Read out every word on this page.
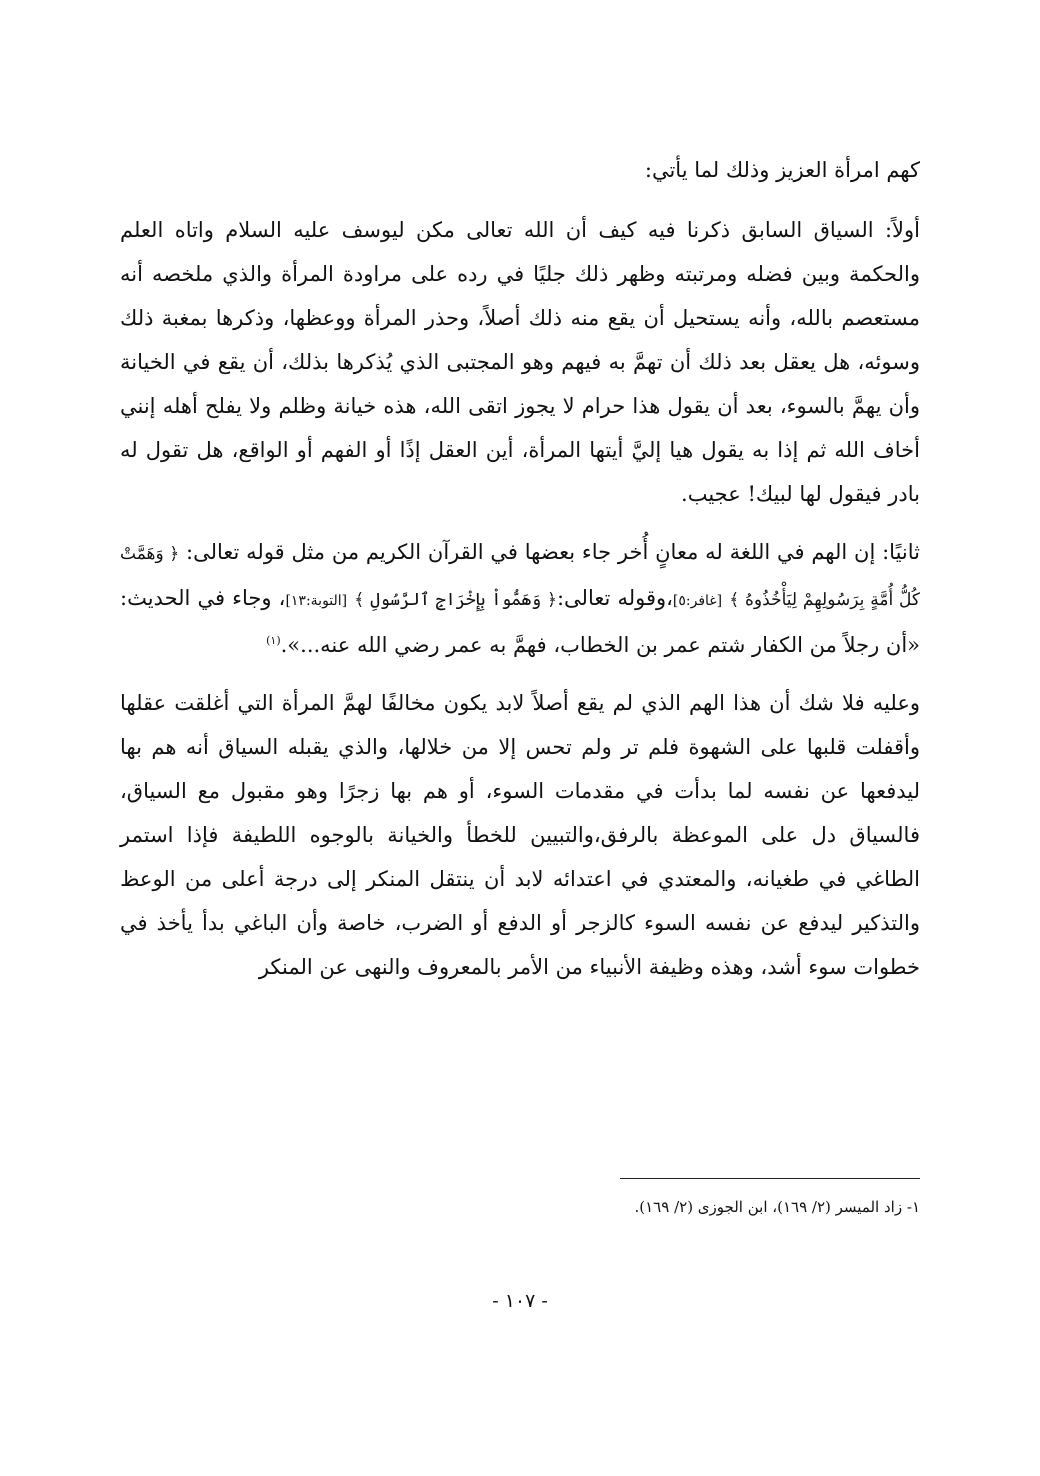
كهم امرأة العزيز وذلك لما يأتي:

أولاً: السياق السابق ذكرنا فيه كيف أن الله تعالى مكن ليوسف عليه السلام واتاه العلم والحكمة وبين فضله ومرتبته وظهر ذلك جليًا في رده على مراودة المرأة والذي ملخصه أنه مستعصم بالله، وأنه يستحيل أن يقع منه ذلك أصلاً، وحذر المرأة ووعظها، وذكرها بمغبة ذلك وسوئه، هل يعقل بعد ذلك أن تهمَّ به فيهم وهو المجتبى الذي يُذكرها بذلك، أن يقع في الخيانة وأن يهمَّ بالسوء، بعد أن يقول هذا حرام لا يجوز اتقى الله، هذه خيانة وظلم ولا يفلح أهله إنني أخاف الله ثم إذا به يقول هيا إليَّ أيتها المرأة، أين العقل إذًا أو الفهم أو الواقع، هل تقول له بادر فيقول لها لبيك! عجيب.

ثانيًا: إن الهم في اللغة له معانٍ أُخر جاء بعضها في القرآن الكريم من مثل قوله تعالى: ﴿ وَهَمَّتْ كُلُّ أُمَّةٍ بِرَسُولِهِمْ لِيَأْخُذُوهُ ﴾ [غافر:٥]،وقوله تعالى:﴿ وَهَمُّواْ بِإِخْرَاجِ ٱلرَّسُولِ ﴾ [التوبة:١٣]، وجاء في الحديث: «أن رجلاً من الكفار شتم عمر بن الخطاب، فهمَّ به عمر رضي الله عنه...».$^{(١)}$

وعليه فلا شك أن هذا الهم الذي لم يقع أصلاً لابد يكون مخالفًا لهمَّ المرأة التي أغلقت عقلها وأقفلت قلبها على الشهوة فلم تر ولم تحس إلا من خلالها، والذي يقبله السياق أنه هم بها ليدفعها عن نفسه لما بدأت في مقدمات السوء، أو هم بها زجرًا وهو مقبول مع السياق، فالسياق دل على الموعظة بالرفق،والتبيين للخطأ والخيانة بالوجوه اللطيفة فإذا استمر الطاغي في طغيانه، والمعتدي في اعتدائه لابد أن ينتقل المنكر إلى درجة أعلى من الوعظ والتذكير ليدفع عن نفسه السوء كالزجر أو الدفع أو الضرب، خاصة وأن الباغي بدأ يأخذ في خطوات سوء أشد، وهذه وظيفة الأنبياء من الأمر بالمعروف والنهى عن المنكر

١- زاد الميسر (٢/ ١٦٩)، ابن الجوزى (٢/ ١٦٩).
- ١٠٧ -
